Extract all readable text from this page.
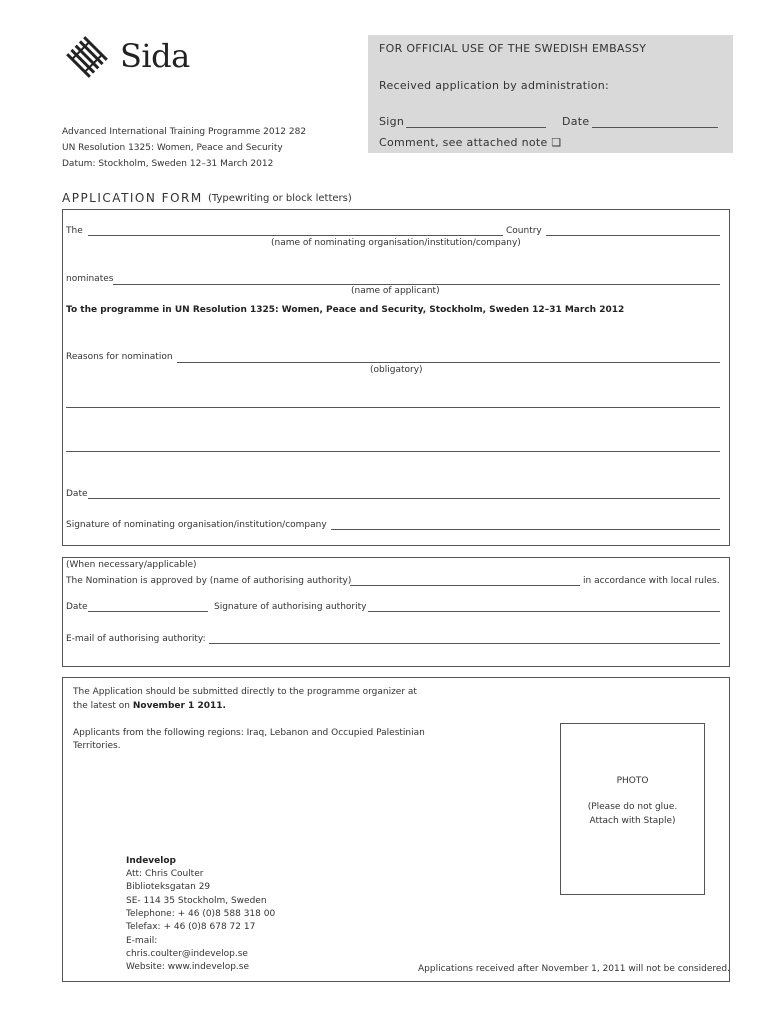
Sida	FOR OFFICIAL USE OF THE SWEDISH EMBASSY
Received application by administration:
Sign	Date
Comment, see attached note ❏
Advanced International Training Programme 2012 282
UN Resolution 1325: Women, Peace and Security
Datum: Stockholm, Sweden 12–31 March 2012
APPLICATION FORM (Typewriting or block letters)
The	Country
(name of nominating organisation/institution/company)
nominates
(name of applicant)
To the programme in UN Resolution 1325: Women, Peace and Security, Stockholm, Sweden 12–31 March 2012
Reasons for nomination
(obligatory)
Date
Signature of nominating organisation/institution/company
(When necessary/applicable)
The Nomination is approved by (name of authorising authority)	in accordance with local rules.
Date	Signature of authorising authority
E-mail of authorising authority:
The Application should be submitted directly to the programme organizer at
the latest on November 1 2011.
Applicants from the following regions: Iraq, Lebanon and Occupied Palestinian
Territories.
PHOTO
(Please do not glue.
Attach with Staple)
Indevelop
Att: Chris Coulter
Biblioteksgatan 29
SE- 114 35 Stockholm, Sweden
Telephone: + 46 (0)8 588 318 00
Telefax: + 46 (0)8 678 72 17
E-mail:
chris.coulter@indevelop.se
Website: www.indevelop.se	Applications received after November 1, 2011 will not be considered.
